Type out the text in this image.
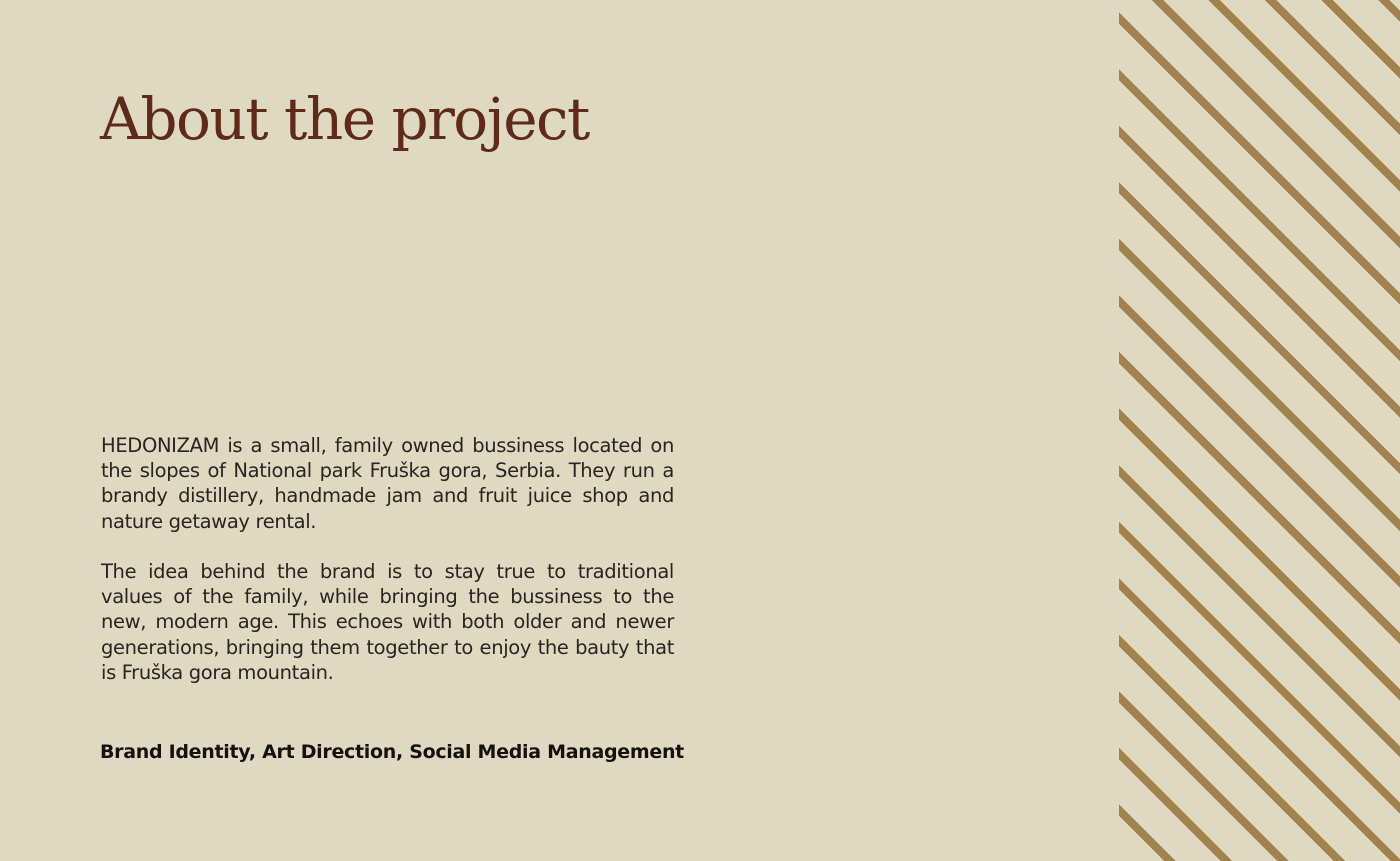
About the project

HEDONIZAM is a small, family owned bussiness located on the slopes of National park Fruška gora, Serbia. They run a brandy distillery, handmade jam and fruit juice shop and nature getaway rental.

The idea behind the brand is to stay true to traditional values of the family, while bringing the bussiness to the new, modern age. This echoes with both older and newer generations, bringing them together to enjoy the bauty that is Fruška gora mountain.

Brand Identity, Art Direction, Social Media Management
